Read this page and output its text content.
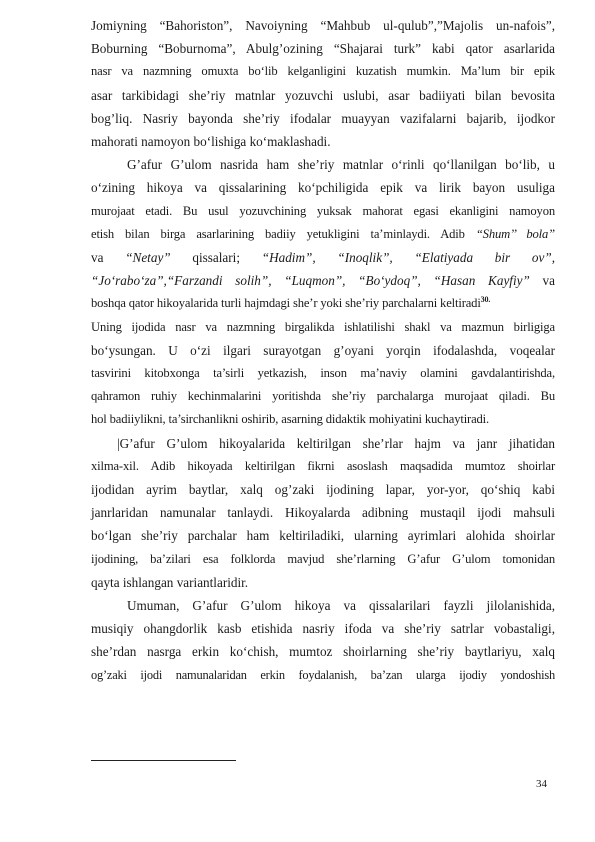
Jomiyning “Bahoriston”, Navoiyning “Mahbub ul-qulub”,”Majolis un-nafois”,
Boburning “Boburnoma”, Abulg’ozining “Shajarai turk” kabi qator asarlarida
nasr va nazmning omuxta bo‘lib kelganligini kuzatish mumkin. Ma’lum bir epik
asar tarkibidagi she’riy matnlar yozuvchi uslubi, asar badiiyati bilan bevosita
bog’liq. Nasriy bayonda she’riy ifodalar muayyan vazifalarni bajarib, ijodkor
mahorati namoyon bo‘lishiga ko‘maklashadi.
G’afur G’ulom nasrida ham she’riy matnlar o‘rinli qo‘llanilgan bo‘lib, u
o‘zining hikoya va qissalarining ko‘pchiligida epik va lirik bayon usuliga
murojaat etadi. Bu usul yozuvchining yuksak mahorat egasi ekanligini namoyon
etish bilan birga asarlarining badiiy yetukligini ta’minlaydi. Adib “Shum’’ bola”
va “Netay” qissalari; “Hadim”, “Inoqlik”, “Elatiyada bir ov”,
“Jo‘rabo‘za”,“Farzandi solih”, “Luqmon”, “Bo‘ydoq”, “Hasan Kayfiy” va
boshqa qator hikoyalarida turli hajmdagi she’r yoki she’riy parchalarni keltiradi$^{30.}$
Uning ijodida nasr va nazmning birgalikda ishlatilishi shakl va mazmun birligiga
bo‘ysungan. U o‘zi ilgari surayotgan g’oyani yorqin ifodalashda, voqealar
tasvirini kitobxonga ta’sirli yetkazish, inson ma’naviy olamini gavdalantirishda,
qahramon ruhiy kechinmalarini yoritishda she’riy parchalarga murojaat qiladi. Bu
hol badiiylikni, ta’sirchanlikni oshirib, asarning didaktik mohiyatini kuchaytiradi.
|G’afur G’ulom hikoyalarida keltirilgan she’rlar hajm va janr jihatidan
xilma-xil. Adib hikoyada keltirilgan fikrni asoslash maqsadida mumtoz shoirlar
ijodidan ayrim baytlar, xalq og’zaki ijodining lapar, yor-yor, qo‘shiq kabi
janrlaridan namunalar tanlaydi. Hikoyalarda adibning mustaqil ijodi mahsuli
bo‘lgan she’riy parchalar ham keltiriladiki, ularning ayrimlari alohida shoirlar
ijodining, ba’zilari esa folklorda mavjud she’rlarning G’afur G’ulom tomonidan
qayta ishlangan variantlaridir.
Umuman, G’afur G’ulom hikoya va qissalarilari fayzli jilolanishida,
musiqiy ohangdorlik kasb etishida nasriy ifoda va she’riy satrlar vobastaligi,
she’rdan nasrga erkin ko‘chish, mumtoz shoirlarning she’riy baytlariyu, xalq
og’zaki ijodi namunalaridan erkin foydalanish, ba’zan ularga ijodiy yondoshish
34
